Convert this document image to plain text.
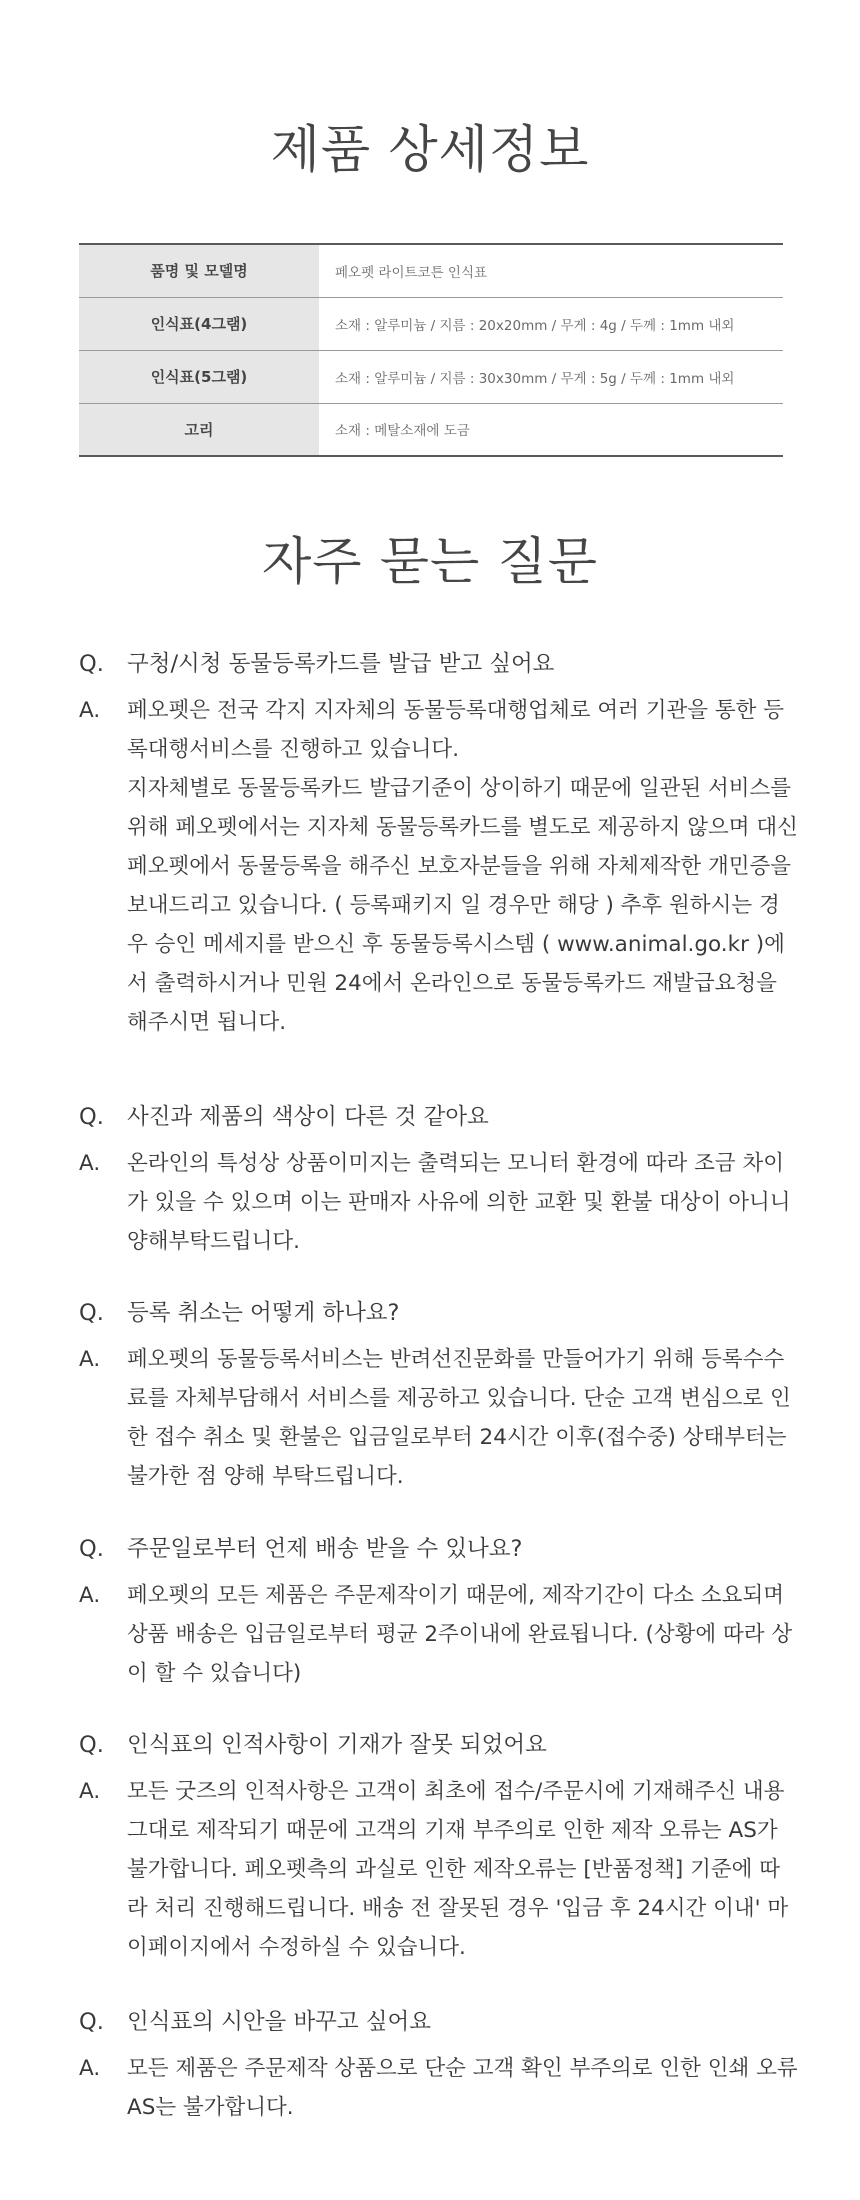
제품 상세정보
품명 및 모델명	페오펫 라이트코튼 인식표
인식표(4그램)	소재 : 알루미늄 / 지름 : 20x20mm / 무게 : 4g / 두께 : 1mm 내외
인식표(5그램)	소재 : 알루미늄 / 지름 : 30x30mm / 무게 : 5g / 두께 : 1mm 내외
고리	소재 : 메탈소재에 도금
자주 묻는 질문
Q.	구청/시청 동물등록카드를 발급 받고 싶어요
A.	페오펫은 전국 각지 지자체의 동물등록대행업체로 여러 기관을 통한 등록대행서비스를 진행하고 있습니다.

지자체별로 동물등록카드 발급기준이 상이하기 때문에 일관된 서비스를 위해 페오펫에서는 지자체 동물등록카드를 별도로 제공하지 않으며 대신 페오펫에서 동물등록을 해주신 보호자분들을 위해 자체제작한 개민증을 보내드리고 있습니다. ( 등록패키지 일 경우만 해당 ) 추후 원하시는 경우 승인 메세지를 받으신 후 동물등록시스템 ( www.animal.go.kr )에서 출력하시거나 민원 24에서 온라인으로 동물등록카드 재발급요청을 해주시면 됩니다.

Q.	사진과 제품의 색상이 다른 것 같아요
A.	온라인의 특성상 상품이미지는 출력되는 모니터 환경에 따라 조금 차이가 있을 수 있으며 이는 판매자 사유에 의한 교환 및 환불 대상이 아니니 양해부탁드립니다.

Q.	등록 취소는 어떻게 하나요?
A.	페오펫의 동물등록서비스는 반려선진문화를 만들어가기 위해 등록수수료를 자체부담해서 서비스를 제공하고 있습니다. 단순 고객 변심으로 인한 접수 취소 및 환불은 입금일로부터 24시간 이후(접수중) 상태부터는 불가한 점 양해 부탁드립니다.

Q.	주문일로부터 언제 배송 받을 수 있나요?
A.	페오펫의 모든 제품은 주문제작이기 때문에, 제작기간이 다소 소요되며 상품 배송은 입금일로부터 평균 2주이내에 완료됩니다. (상황에 따라 상이 할 수 있습니다)

Q.	인식표의 인적사항이 기재가 잘못 되었어요
A.	모든 굿즈의 인적사항은 고객이 최초에 접수/주문시에 기재해주신 내용 그대로 제작되기 때문에 고객의 기재 부주의로 인한 제작 오류는 AS가 불가합니다. 페오펫측의 과실로 인한 제작오류는 [반품정책] 기준에 따라 처리 진행해드립니다. 배송 전 잘못된 경우 '입금 후 24시간 이내' 마이페이지에서 수정하실 수 있습니다.

Q.	인식표의 시안을 바꾸고 싶어요
A.	모든 제품은 주문제작 상품으로 단순 고객 확인 부주의로 인한 인쇄 오류 AS는 불가합니다.
